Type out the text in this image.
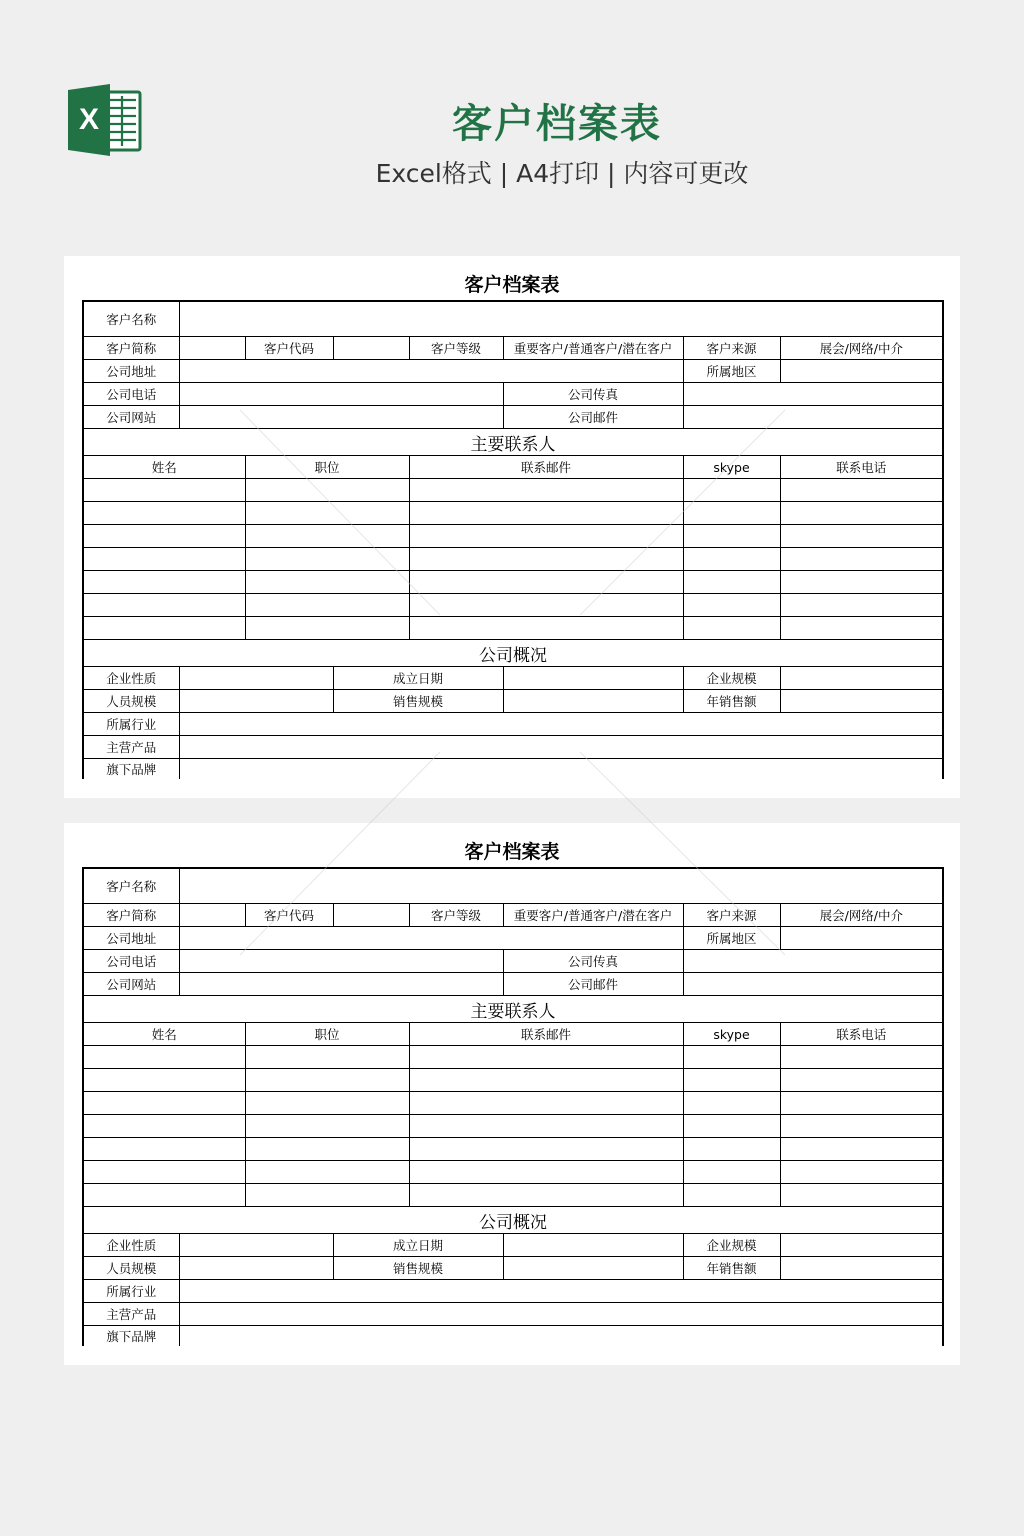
X	客户档案表
Excel格式 | A4打印 | 内容可更改
客户档案表
客户名称							
客户简称		客户代码		客户等级	重要客户/普通客户/潜在客户	客户来源	展会/网络/中介
公司地址						所属地区	
公司电话					公司传真		
公司网站					公司邮件		
主要联系人							
姓名		职位		联系邮件		skype	联系电话

公司概况							
企业性质			成立日期			企业规模	
人员规模			销售规模			年销售额	
所属行业							
主营产品							
旗下品牌							
客户档案表
客户名称							
客户简称		客户代码		客户等级	重要客户/普通客户/潜在客户	客户来源	展会/网络/中介
公司地址						所属地区	
公司电话					公司传真		
公司网站					公司邮件		
主要联系人							
姓名		职位		联系邮件		skype	联系电话

公司概况							
企业性质			成立日期			企业规模	
人员规模			销售规模			年销售额	
所属行业							
主营产品							
旗下品牌							
